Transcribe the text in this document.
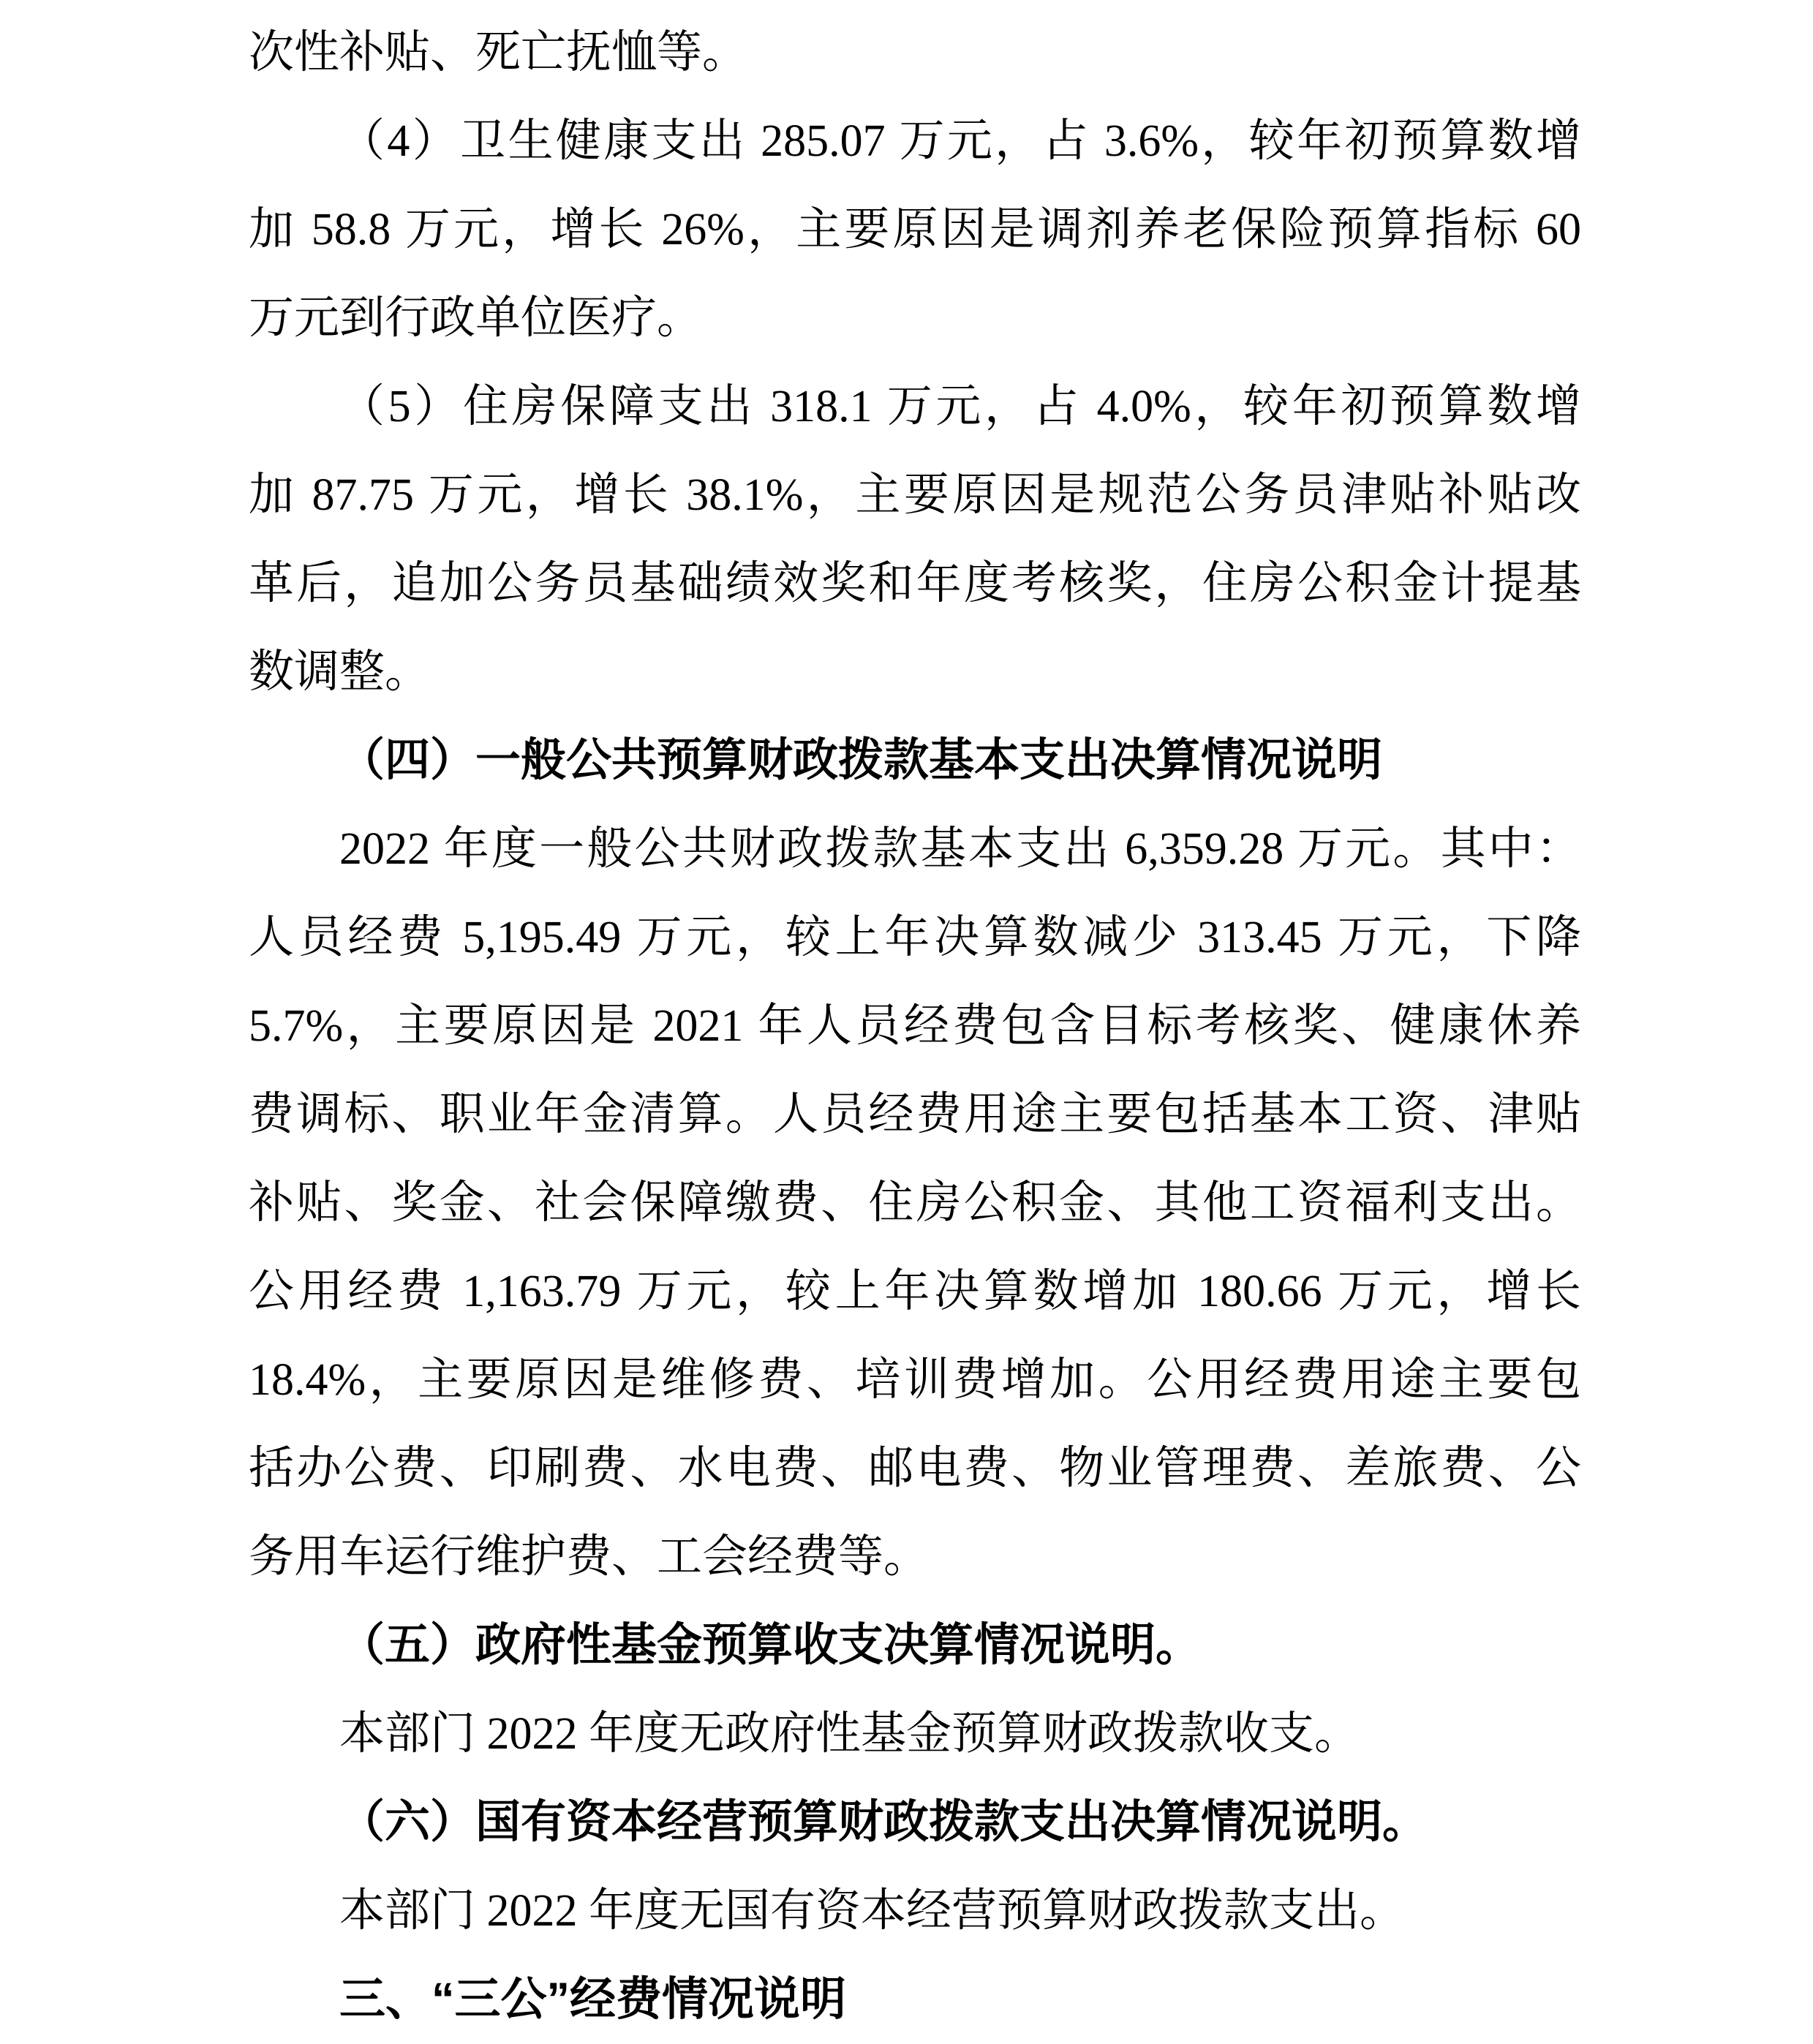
次性补贴、死亡抚恤等。

（4）卫生健康支出 285.07 万元，占 3.6%，较年初预算数增

加 58.8 万元，增长 26%，主要原因是调剂养老保险预算指标 60

万元到行政单位医疗。

（5）住房保障支出 318.1 万元，占 4.0%，较年初预算数增

加 87.75 万元，增长 38.1%，主要原因是规范公务员津贴补贴改

革后，追加公务员基础绩效奖和年度考核奖，住房公积金计提基

数调整。

（四）一般公共预算财政拨款基本支出决算情况说明

2022 年度一般公共财政拨款基本支出 6,359.28 万元。其中：

人员经费 5,195.49 万元，较上年决算数减少 313.45 万元，下降

5.7%，主要原因是 2021 年人员经费包含目标考核奖、健康休养

费调标、职业年金清算。人员经费用途主要包括基本工资、津贴

补贴、奖金、社会保障缴费、住房公积金、其他工资福利支出。

公用经费 1,163.79 万元，较上年决算数增加 180.66 万元，增长

18.4%，主要原因是维修费、培训费增加。公用经费用途主要包

括办公费、印刷费、水电费、邮电费、物业管理费、差旅费、公

务用车运行维护费、工会经费等。

（五）政府性基金预算收支决算情况说明。

本部门 2022 年度无政府性基金预算财政拨款收支。

（六）国有资本经营预算财政拨款支出决算情况说明。

本部门 2022 年度无国有资本经营预算财政拨款支出。

三、“三公”经费情况说明
